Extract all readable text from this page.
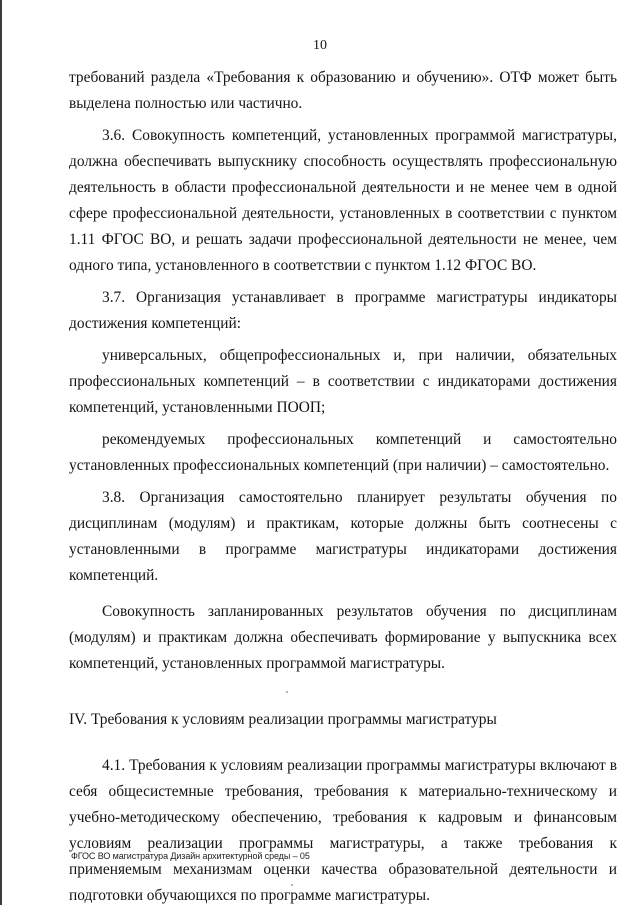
10

требований раздела «Требования к образованию и обучению». ОТФ может быть выделена полностью или частично.

3.6. Совокупность компетенций, установленных программой магистратуры, должна обеспечивать выпускнику способность осуществлять профессиональную деятельность в области профессиональной деятельности и не менее чем в одной сфере профессиональной деятельности, установленных в соответствии с пунктом 1.11 ФГОС ВО, и решать задачи профессиональной деятельности не менее, чем одного типа, установленного в соответствии с пунктом 1.12 ФГОС ВО.

3.7. Организация устанавливает в программе магистратуры индикаторы достижения компетенций:

универсальных, общепрофессиональных и, при наличии, обязательных профессиональных компетенций – в соответствии с индикаторами достижения компетенций, установленными ПООП;

рекомендуемых профессиональных компетенций и самостоятельно установленных профессиональных компетенций (при наличии) – самостоятельно.

3.8. Организация самостоятельно планирует результаты обучения по дисциплинам (модулям) и практикам, которые должны быть соотнесены с установленными в программе магистратуры индикаторами достижения компетенций.

Совокупность запланированных результатов обучения по дисциплинам (модулям) и практикам должна обеспечивать формирование у выпускника всех компетенций, установленных программой магистратуры.

IV. Требования к условиям реализации программы магистратуры

4.1. Требования к условиям реализации программы магистратуры включают в себя общесистемные требования, требования к материально-техническому и учебно-методическому обеспечению, требования к кадровым и финансовым условиям реализации программы магистратуры, а также требования к применяемым механизмам оценки качества образовательной деятельности и подготовки обучающихся по программе магистратуры.

ФГОС ВО магистратура Дизайн архитектурной среды – 05
